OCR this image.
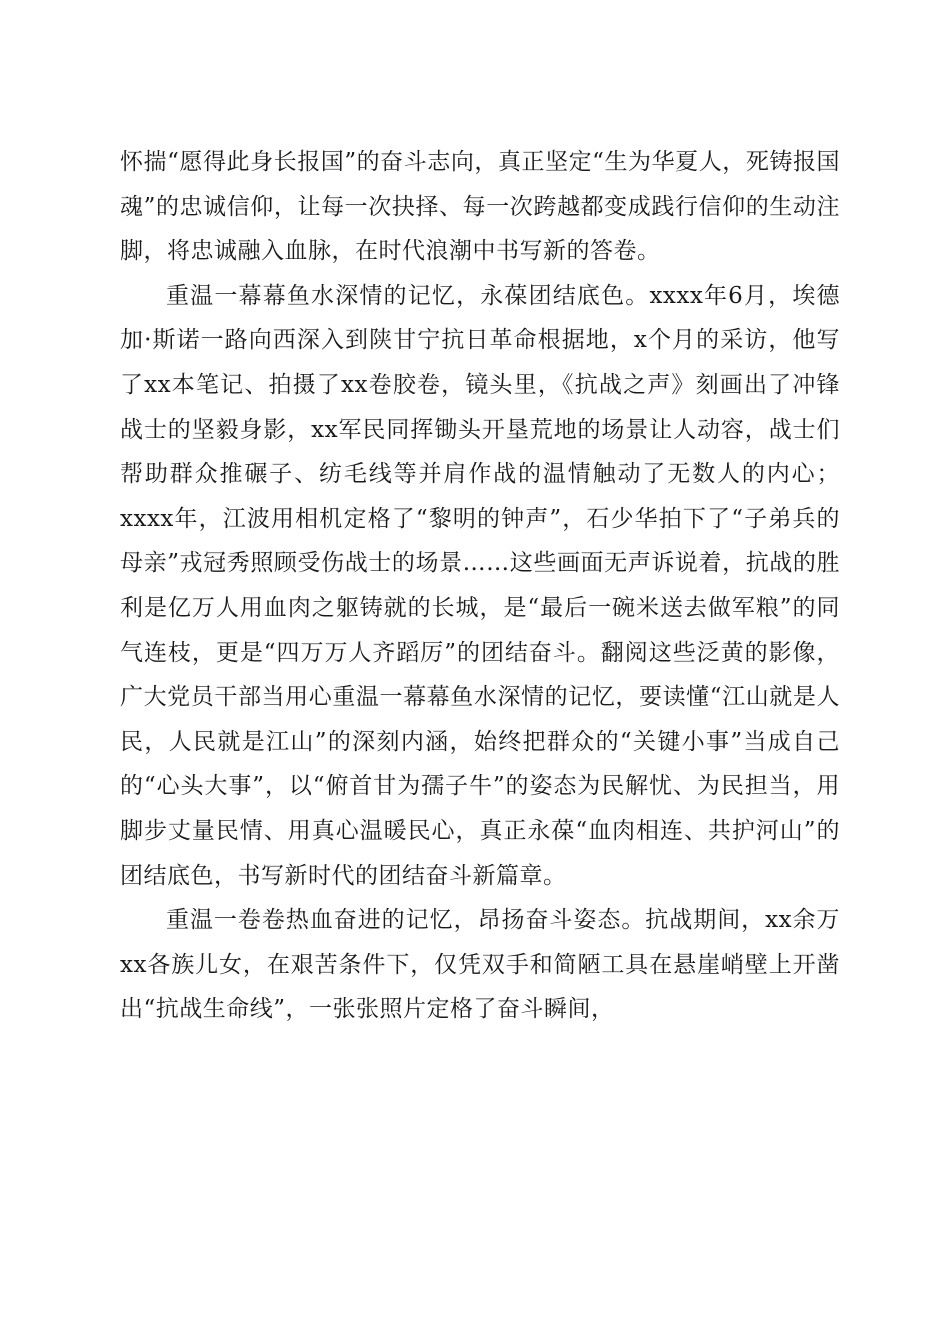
怀揣“愿得此身长报国”的奋斗志向，真正坚定“生为华夏人，死铸报国魂”的忠诚信仰，让每一次抉择、每一次跨越都变成践行信仰的生动注脚，将忠诚融入血脉，在时代浪潮中书写新的答卷。

重温一幕幕鱼水深情的记忆，永葆团结底色。xxxx年6月，埃德加·斯诺一路向西深入到陕甘宁抗日革命根据地，x个月的采访，他写了xx本笔记、拍摄了xx卷胶卷，镜头里，《抗战之声》刻画出了冲锋战士的坚毅身影，xx军民同挥锄头开垦荒地的场景让人动容，战士们帮助群众推碾子、纺毛线等并肩作战的温情触动了无数人的内心；xxxx年，江波用相机定格了“黎明的钟声”，石少华拍下了“子弟兵的母亲”戎冠秀照顾受伤战士的场景……这些画面无声诉说着，抗战的胜利是亿万人用血肉之躯铸就的长城，是“最后一碗米送去做军粮”的同气连枝，更是“四万万人齐蹈厉”的团结奋斗。翻阅这些泛黄的影像，广大党员干部当用心重温一幕幕鱼水深情的记忆，要读懂“江山就是人民，人民就是江山”的深刻内涵，始终把群众的“关键小事”当成自己的“心头大事”，以“俯首甘为孺子牛”的姿态为民解忧、为民担当，用脚步丈量民情、用真心温暖民心，真正永葆“血肉相连、共护河山”的团结底色，书写新时代的团结奋斗新篇章。

重温一卷卷热血奋进的记忆，昂扬奋斗姿态。抗战期间，xx余万xx各族儿女，在艰苦条件下，仅凭双手和简陋工具在悬崖峭壁上开凿出“抗战生命线”，一张张照片定格了奋斗瞬间，
